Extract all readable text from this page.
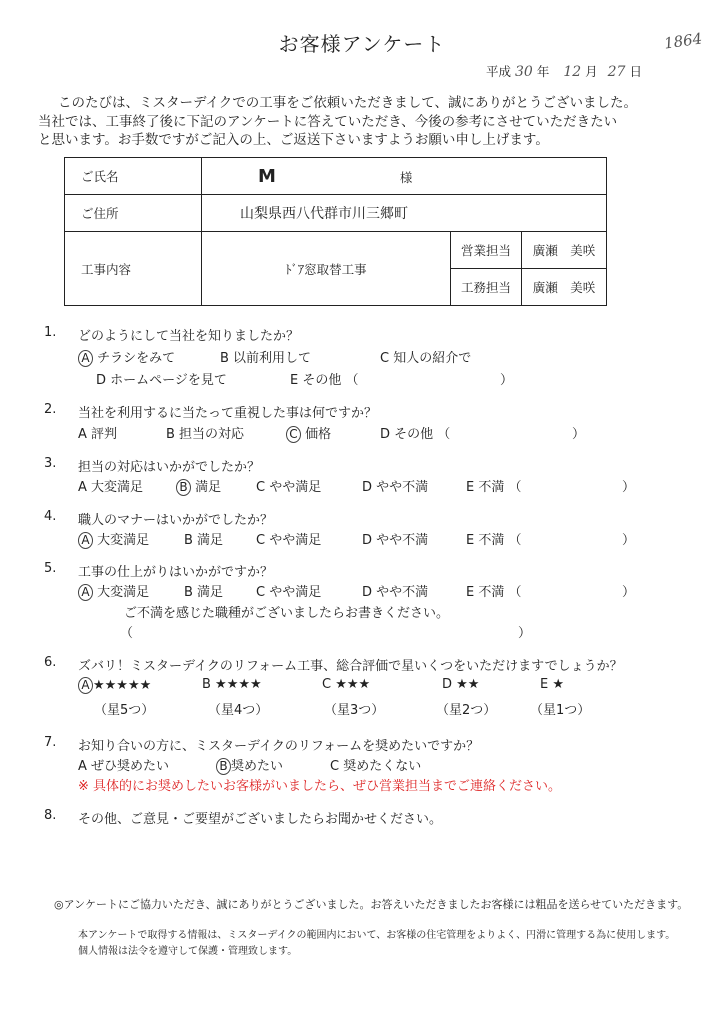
お客様アンケート	1864
平成 30 年 12 月 27 日
このたびは、ミスターデイクでの工事をご依頼いただきまして、誠にありがとうございました。
当社では、工事終了後に下記のアンケートに答えていただき、今後の参考にさせていただきたい
と思います。お手数ですがご記入の上、ご返送下さいますようお願い申し上げます。
ご氏名	M 様		
ご住所	山梨県西八代群市川三郷町		
工事内容	ﾄﾞｱ窓取替工事	営業担当	廣瀬　美咲
		工務担当	廣瀬　美咲
1. どのようにして当社を知りましたか？
A チラシをみて	B 以前利用して	C 知人の紹介で
D ホームページを見て	E その他 （	）
2. 当社を利用するに当たって重視した事は何ですか？
A 評判	B 担当の対応	C 価格	D その他 （	）
3. 担当の対応はいかがでしたか？
A 大変満足	B 満足	C やや満足	D やや不満	E 不満 （	）
4. 職人のマナーはいかがでしたか？
A 大変満足	B 満足	C やや満足	D やや不満	E 不満 （	）
5. 工事の仕上がりはいかがですか？
A 大変満足	B 満足	C やや満足	D やや不満	E 不満 （	）
ご不満を感じた職種がございましたらお書きください。
（	）
6. ズバリ！ミスターデイクのリフォーム工事、総合評価で星いくつをいただけますでしょうか？
A ★★★★★	B ★★★★	C ★★★	D ★★	E ★
（星5つ）	（星4つ）	（星3つ）	（星2つ）	（星1つ）
7. お知り合いの方に、ミスターデイクのリフォームを奨めたいですか？
A ぜひ奨めたい	B 奨めたい	C 奨めたくない
※ 具体的にお奨めしたいお客様がいましたら、ぜひ営業担当までご連絡ください。
8. その他、ご意見・ご要望がございましたらお聞かせください。
◎アンケートにご協力いただき、誠にありがとうございました。お答えいただきましたお客様には粗品を送らせていただきます。
本アンケートで取得する情報は、ミスターデイクの範囲内において、お客様の住宅管理をよりよく、円滑に管理する為に使用します。
個人情報は法令を遵守して保護・管理致します。
